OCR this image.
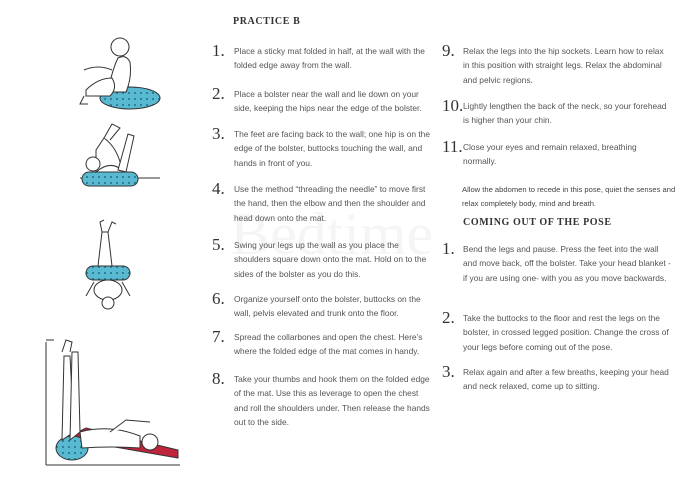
PRACTICE B
1. Place a sticky mat folded in half, at the wall with the folded edge away from the wall.
2. Place a bolster near the wall and lie down on your side, keeping the hips near the edge of the bolster.
3. The feet are facing back to the wall; one hip is on the edge of the bolster, buttocks touching the wall, and hands in front of you.
4. Use the method “threading the needle” to move first the hand, then the elbow and then the shoulder and head down onto the mat.
5. Swing your legs up the wall as you place the shoulders square down onto the mat. Hold on to the sides of the bolster as you do this.
6. Organize yourself onto the bolster, buttocks on the wall, pelvis elevated and trunk onto the floor.
7. Spread the collarbones and open the chest. Here’s where the folded edge of the mat comes in handy.
8. Take your thumbs and hook them on the folded edge of the mat. Use this as leverage to open the chest and roll the shoulders under. Then release the hands out to the side.
9. Relax the legs into the hip sockets. Learn how to relax in this position with straight legs. Relax the abdominal and pelvic regions.
10. Lightly lengthen the back of the neck, so your forehead is higher than your chin.
11. Close your eyes and remain relaxed, breathing normally.
Allow the abdomen to recede in this pose, quiet the senses and relax completely body, mind and breath.
COMING OUT OF THE POSE
1. Bend the legs and pause. Press the feet into the wall and move back, off the bolster. Take your head blanket -if you are using one- with you as you move backwards.
2. Take the buttocks to the floor and rest the legs on the bolster, in crossed legged position. Change the cross of your legs before coming out of the pose.
3. Relax again and after a few breaths, keeping your head and neck relaxed, come up to sitting.
